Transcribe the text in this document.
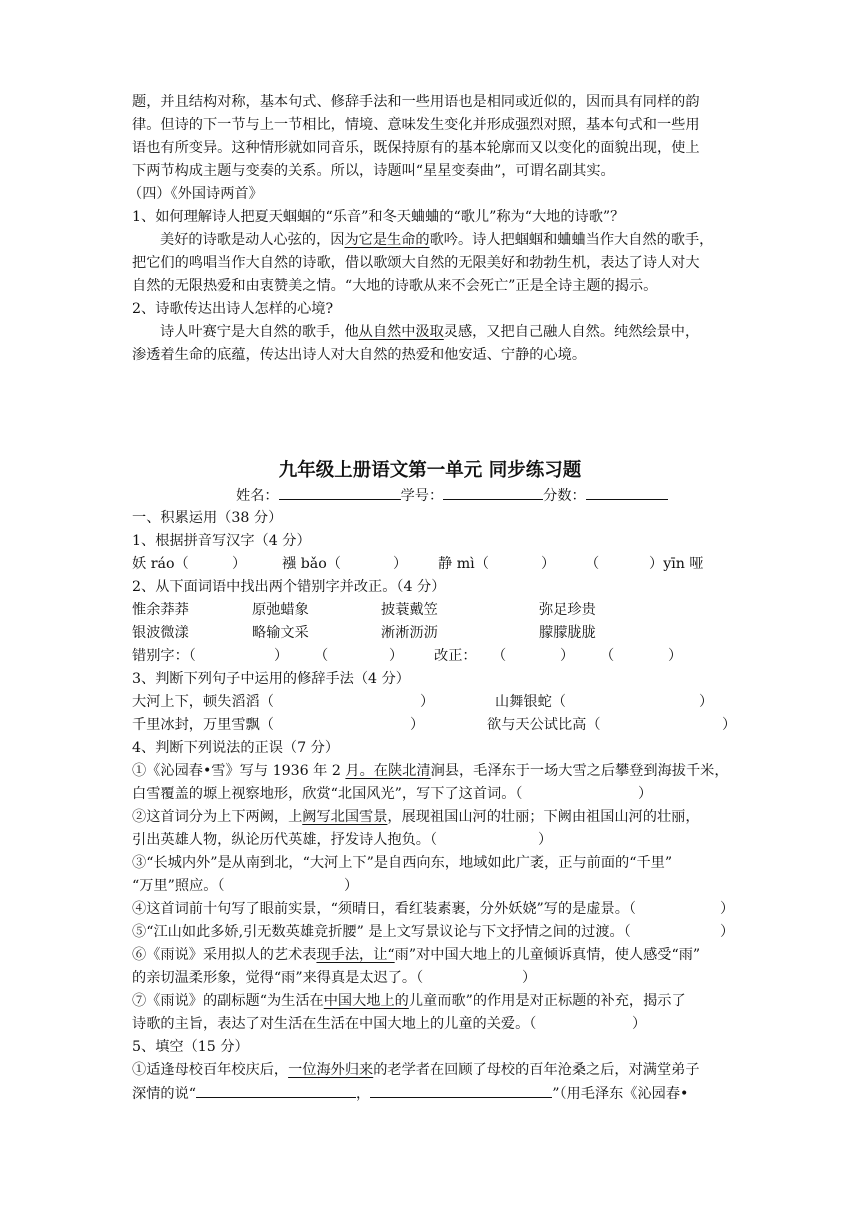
题，并且结构对称，基本句式、修辞手法和一些用语也是相同或近似的，因而具有同样的韵
律。但诗的下一节与上一节相比，情境、意味发生变化并形成强烈对照，基本句式和一些用
语也有所变异。这种情形就如同音乐，既保持原有的基本轮廓而又以变化的面貌出现，使上
下两节构成主题与变奏的关系。所以，诗题叫“星星变奏曲”，可谓名副其实。
（四）《外国诗两首》
1、如何理解诗人把夏天蝈蝈的“乐音”和冬天蛐蛐的“歌儿”称为“大地的诗歌”？
美好的诗歌是动人心弦的，因为它是生命的歌吟。诗人把蝈蝈和蛐蛐当作大自然的歌手，
把它们的鸣唱当作大自然的诗歌，借以歌颂大自然的无限美好和勃勃生机，表达了诗人对大
自然的无限热爱和由衷赞美之情。“大地的诗歌从来不会死亡”正是全诗主题的揭示。
2、诗歌传达出诗人怎样的心境?
诗人叶赛宁是大自然的歌手，他从自然中汲取灵感，又把自己融人自然。纯然绘景中，
渗透着生命的底蕴，传达出诗人对大自然的热爱和他安适、宁静的心境。
九年级上册语文第一单元 同步练习题
姓名：	学号：	分数：
一、积累运用（38 分）
1、根据拼音写汉字（4 分）
妖 ráo（	）	襁 bǎo（	） 静 mì（	） （	）yīn 哑
2、从下面词语中找出两个错别字并改正。（4 分）
惟余莽莽	原弛蜡象	披蓑戴笠	弥足珍贵
银波微漾	略输文采	淅淅沥沥	朦朦胧胧
错别字：（	） （	） 改正： （	） （	）
3、判断下列句子中运用的修辞手法（4 分）
大河上下，顿失滔滔（	）	山舞银蛇（	）
千里冰封，万里雪飘（	）	欲与天公试比高（	）
4、判断下列说法的正误（7 分）
①《沁园春•雪》写与 1936 年 2 月。在陕北清涧县，毛泽东于一场大雪之后攀登到海拔千米，
白雪覆盖的塬上视察地形，欣赏“北国风光”，写下了这首词。（	）
②这首词分为上下两阙，上阙写北国雪景，展现祖国山河的壮丽；下阙由祖国山河的壮丽，
引出英雄人物，纵论历代英雄，抒发诗人抱负。（	）
③“长城内外”是从南到北，“大河上下”是自西向东，地域如此广袤，正与前面的“千里”
“万里”照应。（	）
④这首词前十句写了眼前实景，“须晴日，看红装素裹，分外妖娆”写的是虚景。（	）
⑤“江山如此多娇,引无数英雄竞折腰” 是上文写景议论与下文抒情之间的过渡。（	）
⑥《雨说》采用拟人的艺术表现手法，让“雨”对中国大地上的儿童倾诉真情，使人感受“雨”
的亲切温柔形象，觉得“雨”来得真是太迟了。（	）
⑦《雨说》的副标题“为生活在中国大地上的儿童而歌”的作用是对正标题的补充，揭示了
诗歌的主旨，表达了对生活在生活在中国大地上的儿童的关爱。（	）
5、填空（15 分）
①适逢母校百年校庆后，一位海外归来的老学者在回顾了母校的百年沧桑之后，对满堂弟子
深情的说“	，	”（用毛泽东《沁园春•
